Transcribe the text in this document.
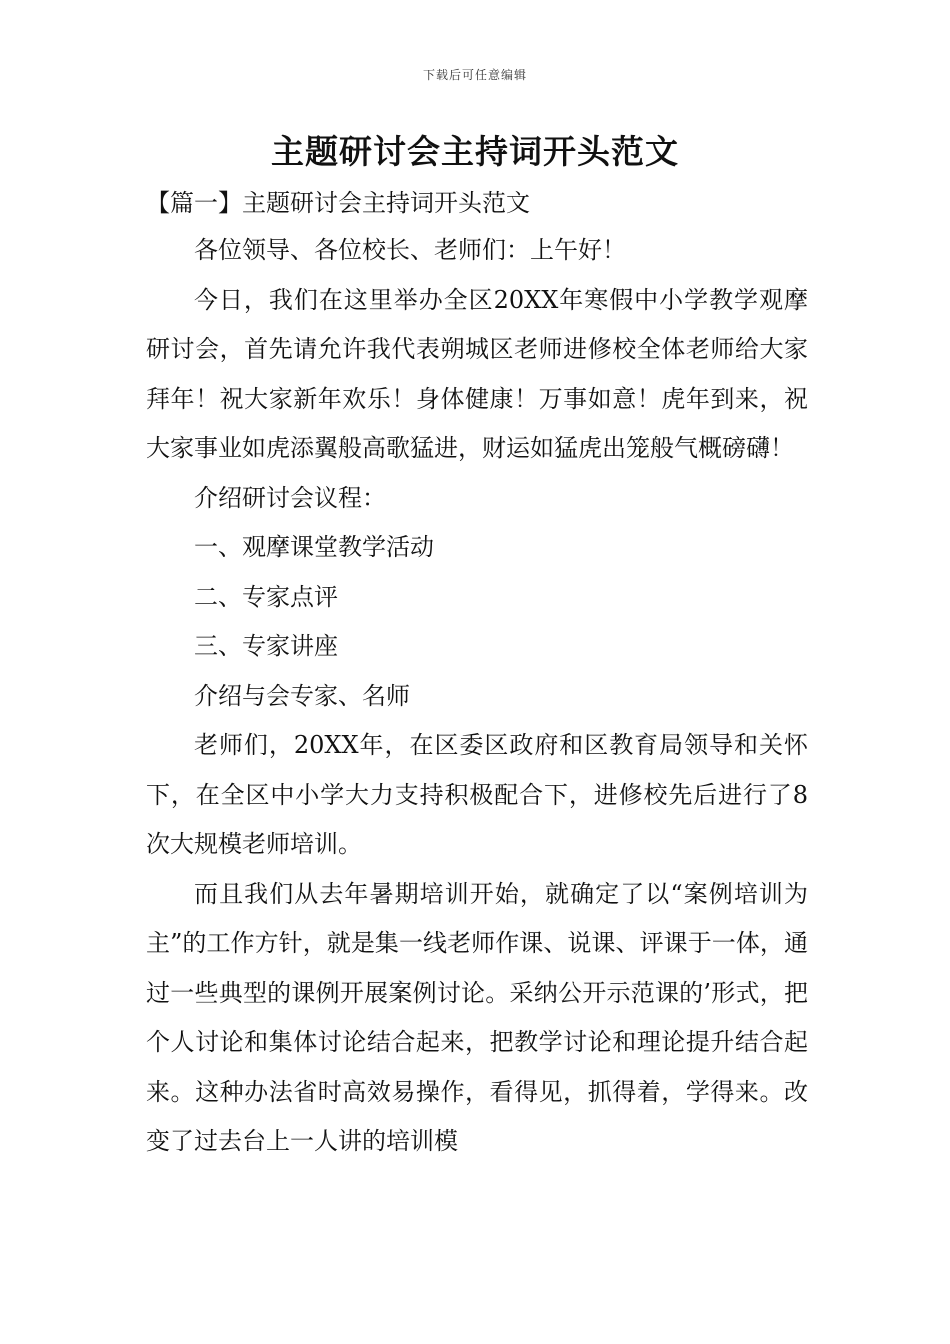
下载后可任意编辑
主题研讨会主持词开头范文
【篇一】主题研讨会主持词开头范文

各位领导、各位校长、老师们：上午好！

今日，我们在这里举办全区20XX年寒假中小学教学观摩研讨会，首先请允许我代表朔城区老师进修校全体老师给大家拜年！祝大家新年欢乐！身体健康！万事如意！虎年到来，祝大家事业如虎添翼般高歌猛进，财运如猛虎出笼般气概磅礴！

介绍研讨会议程：

一、观摩课堂教学活动

二、专家点评

三、专家讲座

介绍与会专家、名师

老师们，20XX年，在区委区政府和区教育局领导和关怀下，在全区中小学大力支持积极配合下，进修校先后进行了8次大规模老师培训。

而且我们从去年暑期培训开始，就确定了以“案例培训为主”的工作方针，就是集一线老师作课、说课、评课于一体，通过一些典型的课例开展案例讨论。采纳公开示范课的’形式，把个人讨论和集体讨论结合起来，把教学讨论和理论提升结合起来。这种办法省时高效易操作，看得见，抓得着，学得来。改变了过去台上一人讲的培训模
